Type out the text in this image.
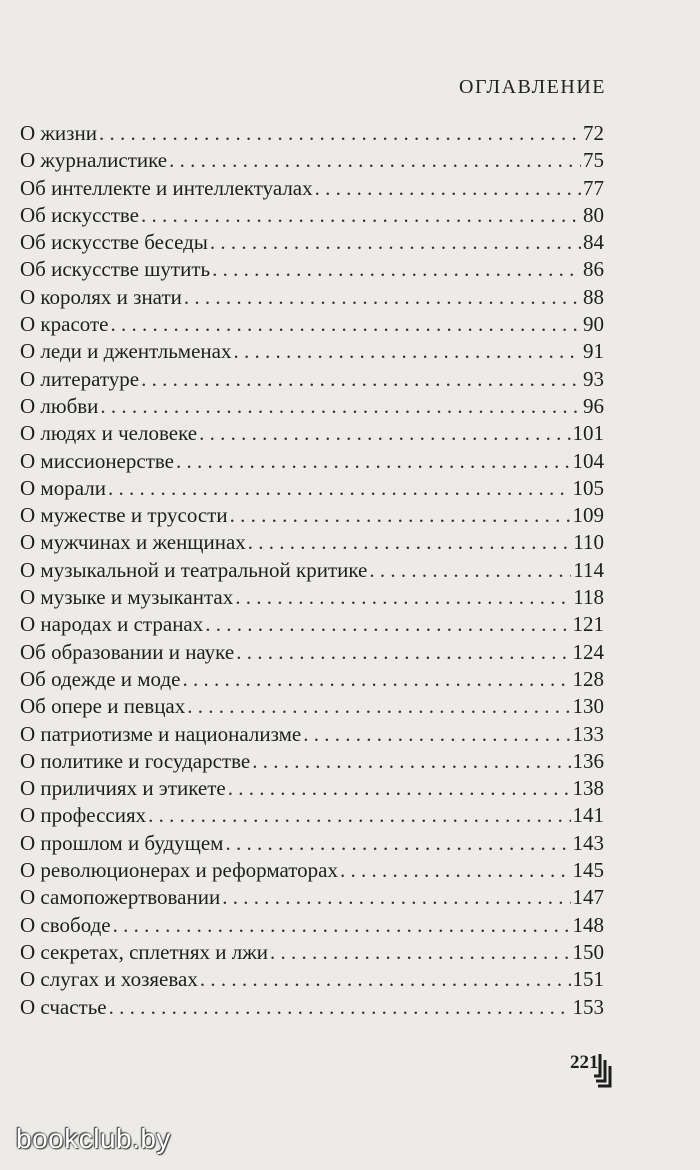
ОГЛАВЛЕНИЕ
О жизни . . .	72
О журналистике . . .	75
Об интеллекте и интеллектуалах . . .	77
Об искусстве . . .	80
Об искусстве беседы . . .	84
Об искусстве шутить . . .	86
О королях и знати . . .	88
О красоте . . .	90
О леди и джентльменах . . .	91
О литературе . . .	93
О любви . . .	96
О людях и человеке . . .	101
О миссионерстве . . .	104
О морали . . .	105
О мужестве и трусости . . .	109
О мужчинах и женщинах . . .	110
О музыкальной и театральной критике . . .	114
О музыке и музыкантах . . .	118
О народах и странах . . .	121
Об образовании и науке . . .	124
Об одежде и моде . . .	128
Об опере и певцах . . .	130
О патриотизме и национализме . . .	133
О политике и государстве . . .	136
О приличиях и этикете . . .	138
О профессиях . . .	141
О прошлом и будущем . . .	143
О революционерах и реформаторах . . .	145
О самопожертвовании . . .	147
О свободе . . .	148
О секретах, сплетнях и лжи . . .	150
О слугах и хозяевах . . .	151
О счастье . . .	153
221
bookclub.by
